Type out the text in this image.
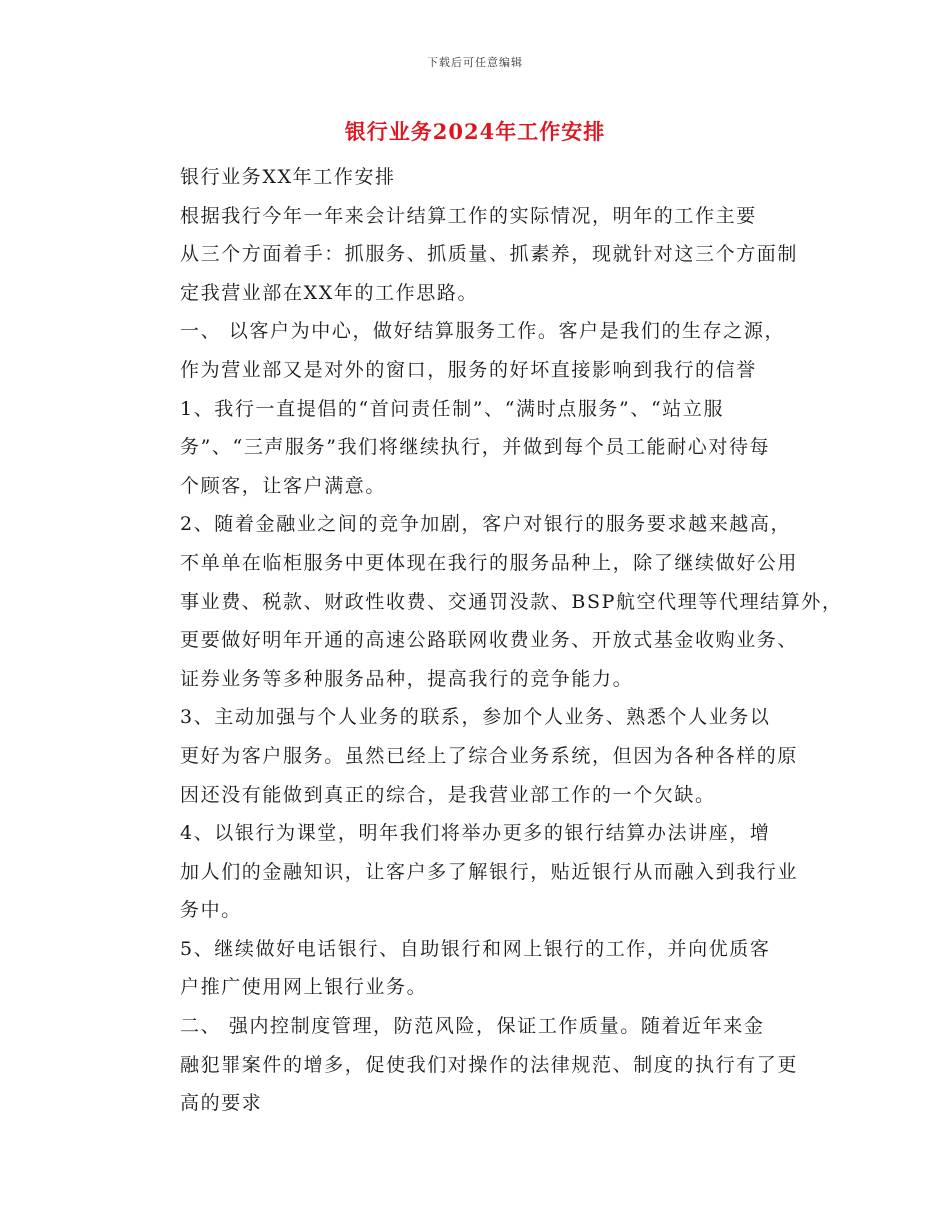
下载后可任意编辑
银行业务2024年工作安排

银行业务XX年工作安排

根据我行今年一年来会计结算工作的实际情况，明年的工作主要
从三个方面着手：抓服务、抓质量、抓素养，现就针对这三个方面制
定我营业部在XX年的工作思路。

一、 以客户为中心，做好结算服务工作。客户是我们的生存之源，
作为营业部又是对外的窗口，服务的好坏直接影响到我行的信誉

1、我行一直提倡的“首问责任制”、“满时点服务”、“站立服
务”、“三声服务”我们将继续执行，并做到每个员工能耐心对待每
个顾客，让客户满意。

2、随着金融业之间的竞争加剧，客户对银行的服务要求越来越高，
不单单在临柜服务中更体现在我行的服务品种上，除了继续做好公用
事业费、税款、财政性收费、交通罚没款、BSP航空代理等代理结算外，
更要做好明年开通的高速公路联网收费业务、开放式基金收购业务、
证券业务等多种服务品种，提高我行的竞争能力。

3、主动加强与个人业务的联系，参加个人业务、熟悉个人业务以
更好为客户服务。虽然已经上了综合业务系统，但因为各种各样的原
因还没有能做到真正的综合，是我营业部工作的一个欠缺。

4、以银行为课堂，明年我们将举办更多的银行结算办法讲座，增
加人们的金融知识，让客户多了解银行，贴近银行从而融入到我行业
务中。

5、继续做好电话银行、自助银行和网上银行的工作，并向优质客
户推广使用网上银行业务。

二、 强内控制度管理，防范风险，保证工作质量。随着近年来金
融犯罪案件的增多，促使我们对操作的法律规范、制度的执行有了更
高的要求
